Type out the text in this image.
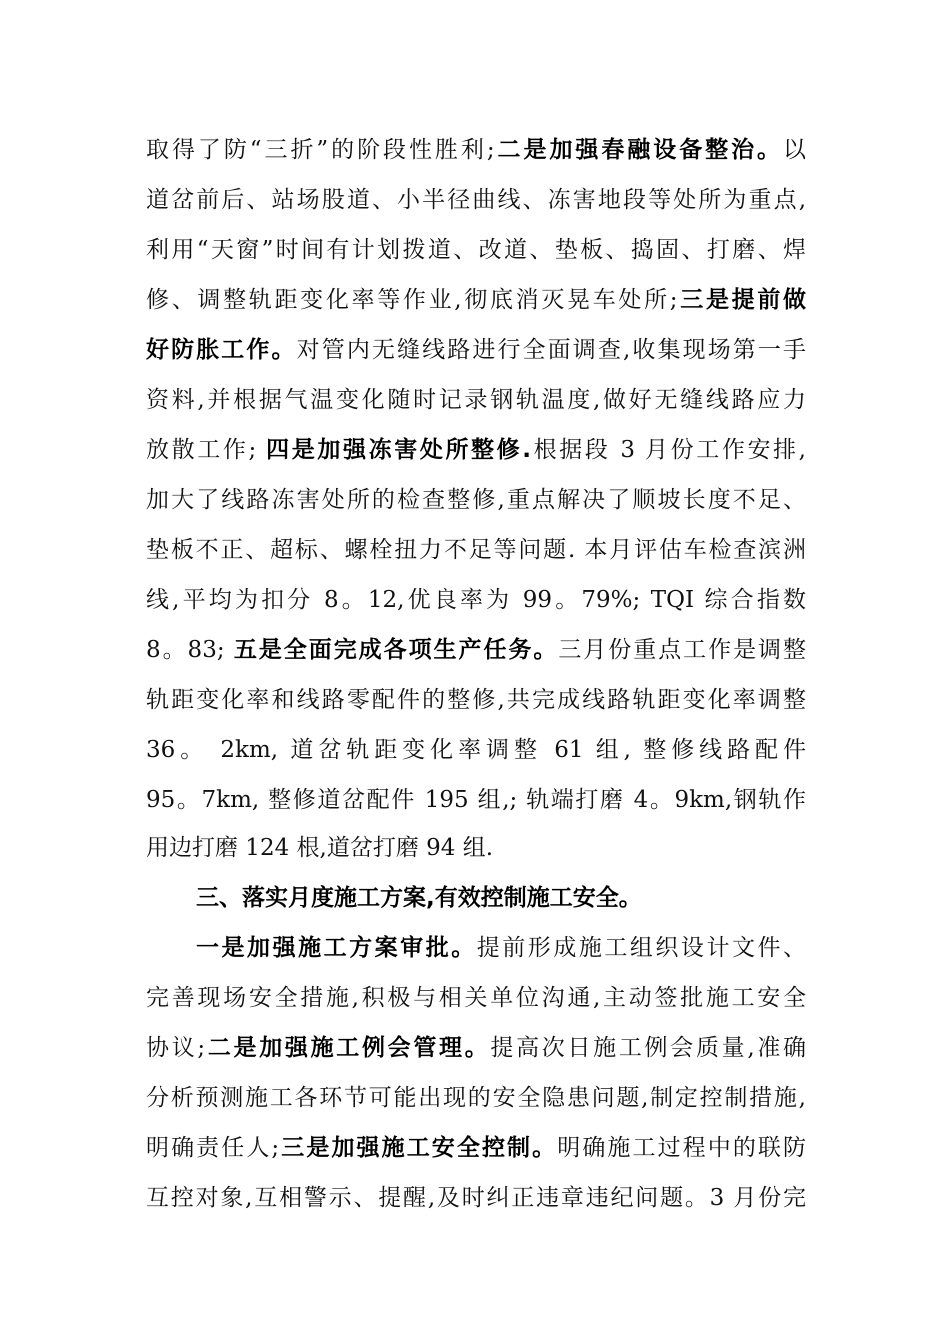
取得了防“三折”的阶段性胜利;二是加强春融设备整治。以
道岔前后、站场股道、小半径曲线、冻害地段等处所为重点,
利用“天窗”时间有计划拨道、改道、垫板、捣固、打磨、焊
修、调整轨距变化率等作业,彻底消灭晃车处所;三是提前做
好防胀工作。对管内无缝线路进行全面调查,收集现场第一手
资料,并根据气温变化随时记录钢轨温度,做好无缝线路应力
放散工作; 四是加强冻害处所整修.根据段 3 月份工作安排,
加大了线路冻害处所的检查整修,重点解决了顺坡长度不足、
垫板不正、超标、螺栓扭力不足等问题. 本月评估车检查滨洲
线,平均为扣分 8。12,优良率为 99。79%; TQI 综合指数
8。83; 五是全面完成各项生产任务。三月份重点工作是调整
轨距变化率和线路零配件的整修,共完成线路轨距变化率调整
36。 2km, 道岔轨距变化率调整 61 组, 整修线路配件
95。7km, 整修道岔配件 195 组,; 轨端打磨 4。9km,钢轨作
用边打磨 124 根,道岔打磨 94 组.
三、落实月度施工方案,有效控制施工安全。
一是加强施工方案审批。提前形成施工组织设计文件、
完善现场安全措施,积极与相关单位沟通,主动签批施工安全
协议;二是加强施工例会管理。提高次日施工例会质量,准确
分析预测施工各环节可能出现的安全隐患问题,制定控制措施,
明确责任人;三是加强施工安全控制。明确施工过程中的联防
互控对象,互相警示、提醒,及时纠正违章违纪问题。3 月份完
